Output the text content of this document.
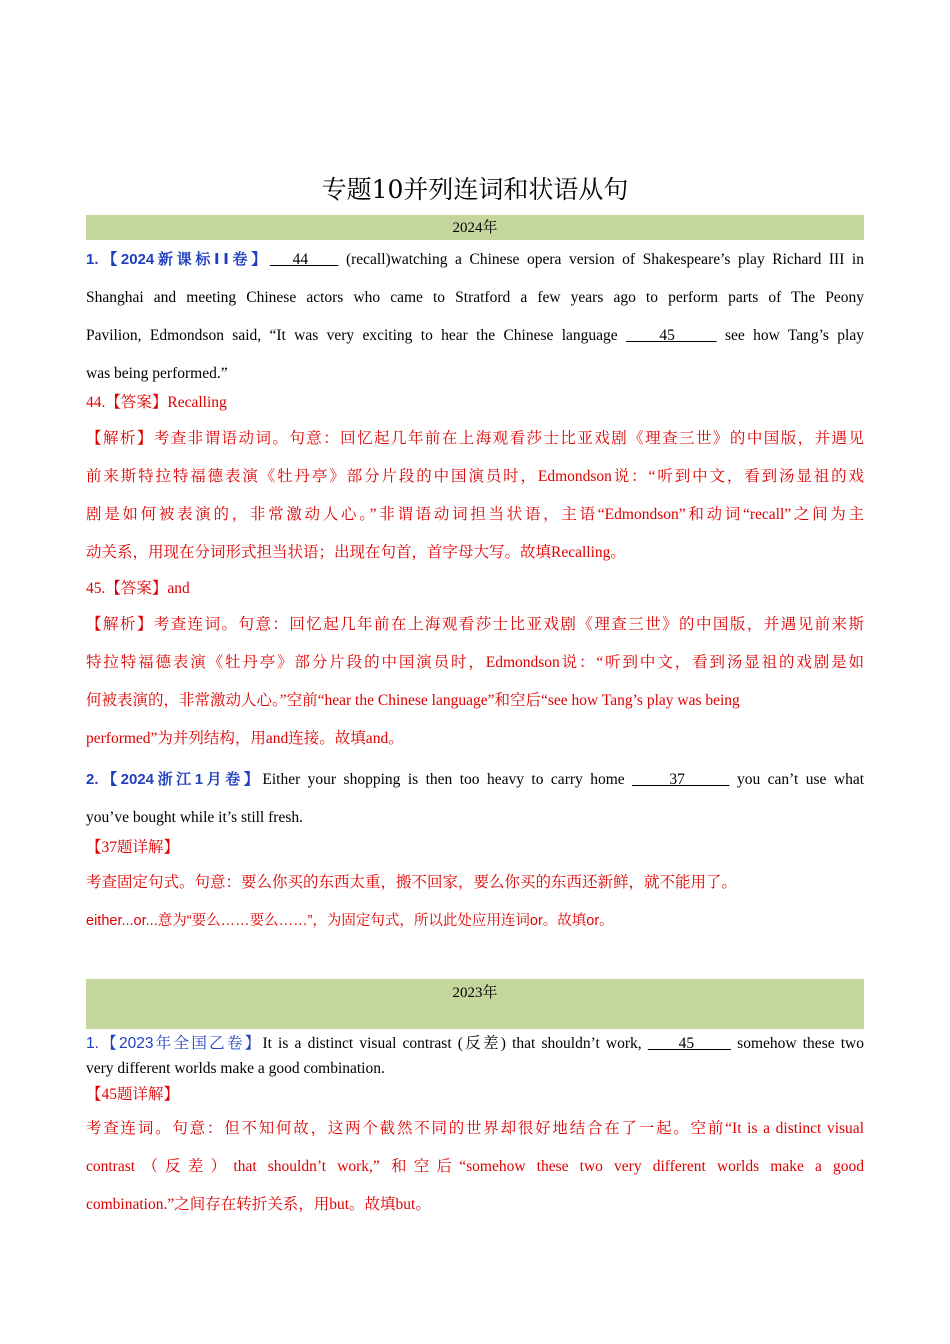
专题10并列连词和状语从句
2024年
1.【2024新课标ⅠⅠ卷】 44     (recall)watching a Chinese opera version of Shakespeare’s play Richard III in
Shanghai and meeting Chinese actors who came to Stratford a few years ago to perform parts of The Peony
Pavilion, Edmondson said, “It was very exciting to hear the Chinese language     45	see how Tang’s play
was being performed.”
44.【答案】Recalling
【解析】考查非谓语动词。句意：回忆起几年前在上海观看莎士比亚戏剧《理查三世》的中国版，并遇见
前来斯特拉特福德表演《牡丹亭》部分片段的中国演员时，Edmondson说：“听到中文，看到汤显祖的戏
剧是如何被表演的，非常激动人心。”非谓语动词担当状语，主语“Edmondson”和动词“recall”之间为主
动关系，用现在分词形式担当状语；出现在句首，首字母大写。故填Recalling。
45.【答案】and
【解析】考查连词。句意：回忆起几年前在上海观看莎士比亚戏剧《理查三世》的中国版，并遇见前来斯
特拉特福德表演《牡丹亭》部分片段的中国演员时，Edmondson说：“听到中文，看到汤显祖的戏剧是如
何被表演的，非常激动人心。”空前“hear the Chinese language”和空后“see how Tang’s play was being
performed”为并列结构，用and连接。故填and。
2.【2024浙江1月卷】Either your shopping is then too heavy to carry home      37	you can’t use what
you’ve bought while it’s still fresh.
【37题详解】
考查固定句式。句意：要么你买的东西太重，搬不回家，要么你买的东西还新鲜，就不能用了。
either...or...意为“要么……要么……”，为固定句式，所以此处应用连词or。故填or。
2023年
1.【2023年全国乙卷】It is a distinct visual contrast (反差) that shouldn’t work,      45       somehow these two
very different worlds make a good combination.
【45题详解】
考查连词。句意：但不知何故，这两个截然不同的世界却很好地结合在了一起。空前“It is a distinct visual
contrast（反差）that shouldn’t work,” 和空后“somehow these two very different worlds make a good
combination.”之间存在转折关系，用but。故填but。
